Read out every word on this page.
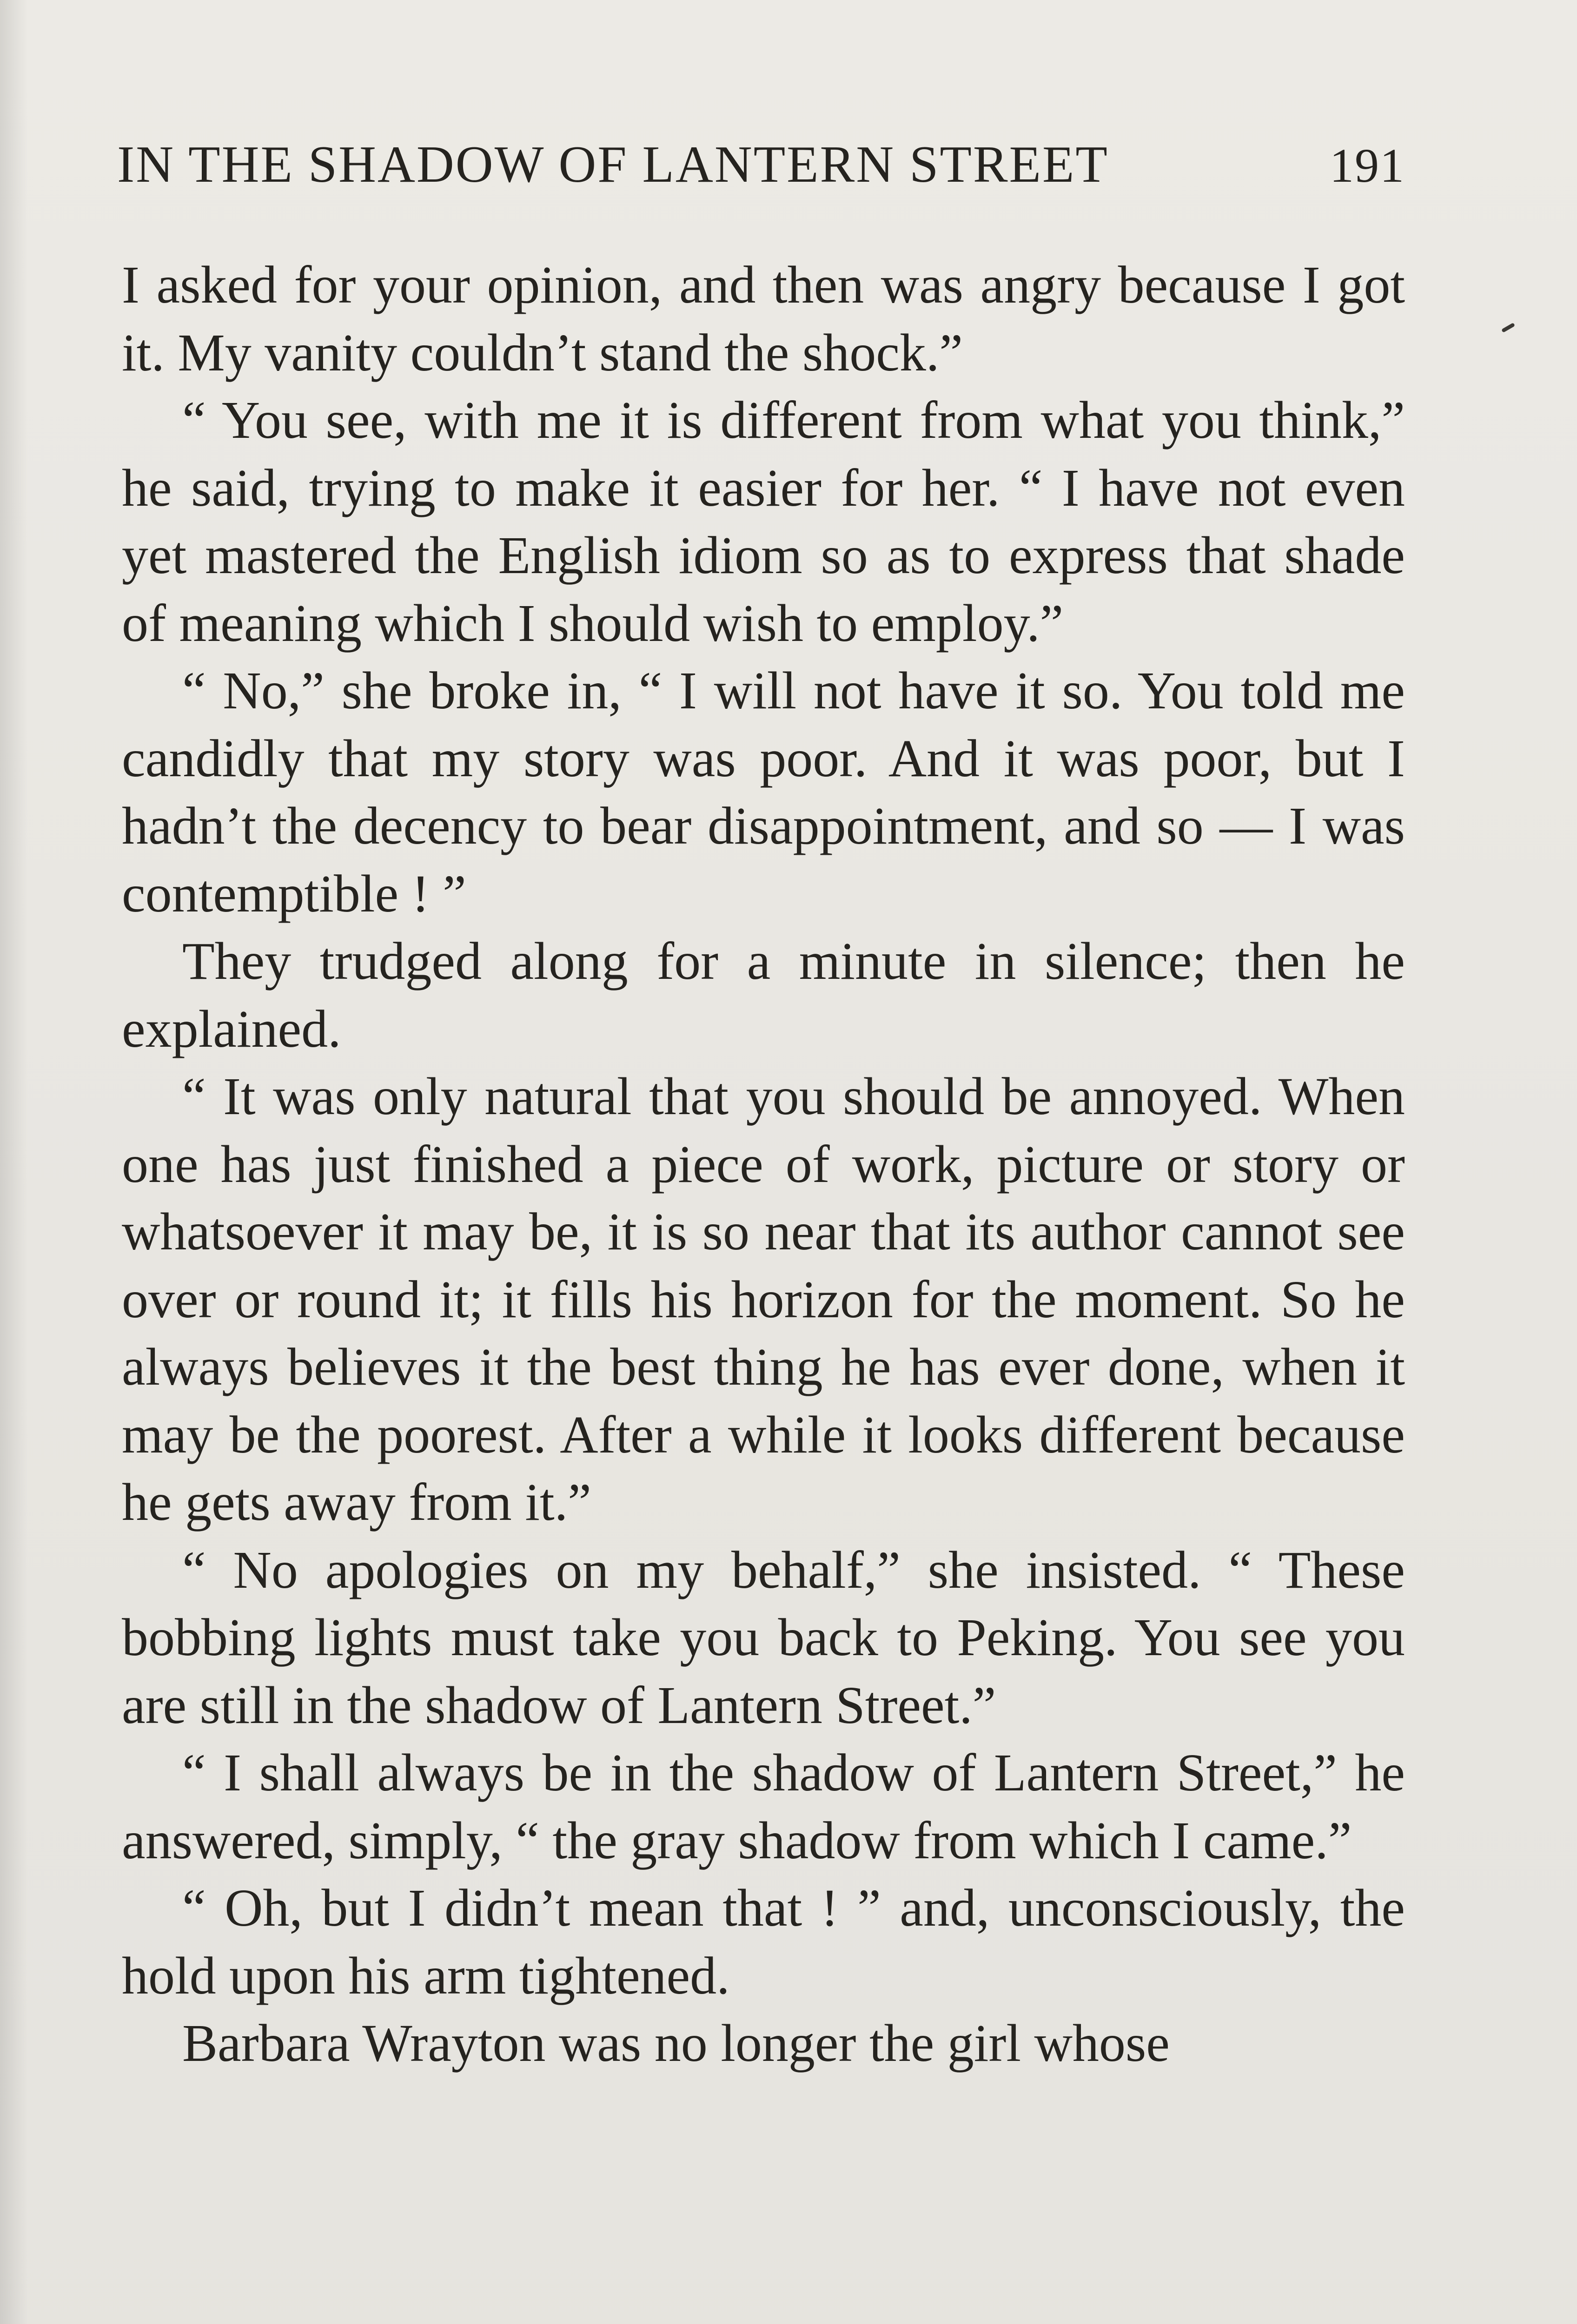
IN THE SHADOW OF LANTERN STREET	191

I asked for your opinion, and then was angry because I got it. My vanity couldn’t stand the shock.”

“ You see, with me it is different from what you think,” he said, trying to make it easier for her. “ I have not even yet mastered the English idiom so as to express that shade of meaning which I should wish to employ.”

“ No,” she broke in, “ I will not have it so. You told me candidly that my story was poor. And it was poor, but I hadn’t the decency to bear disappointment, and so — I was contemptible ! ”

They trudged along for a minute in silence; then he explained.

“ It was only natural that you should be annoyed. When one has just finished a piece of work, picture or story or whatsoever it may be, it is so near that its author cannot see over or round it; it fills his horizon for the moment. So he always believes it the best thing he has ever done, when it may be the poorest. After a while it looks different because he gets away from it.”

“ No apologies on my behalf,” she insisted. “ These bobbing lights must take you back to Peking. You see you are still in the shadow of Lantern Street.”

“ I shall always be in the shadow of Lantern Street,” he answered, simply, “ the gray shadow from which I came.”

“ Oh, but I didn’t mean that ! ” and, unconsciously, the hold upon his arm tightened.

Barbara Wrayton was no longer the girl whose
